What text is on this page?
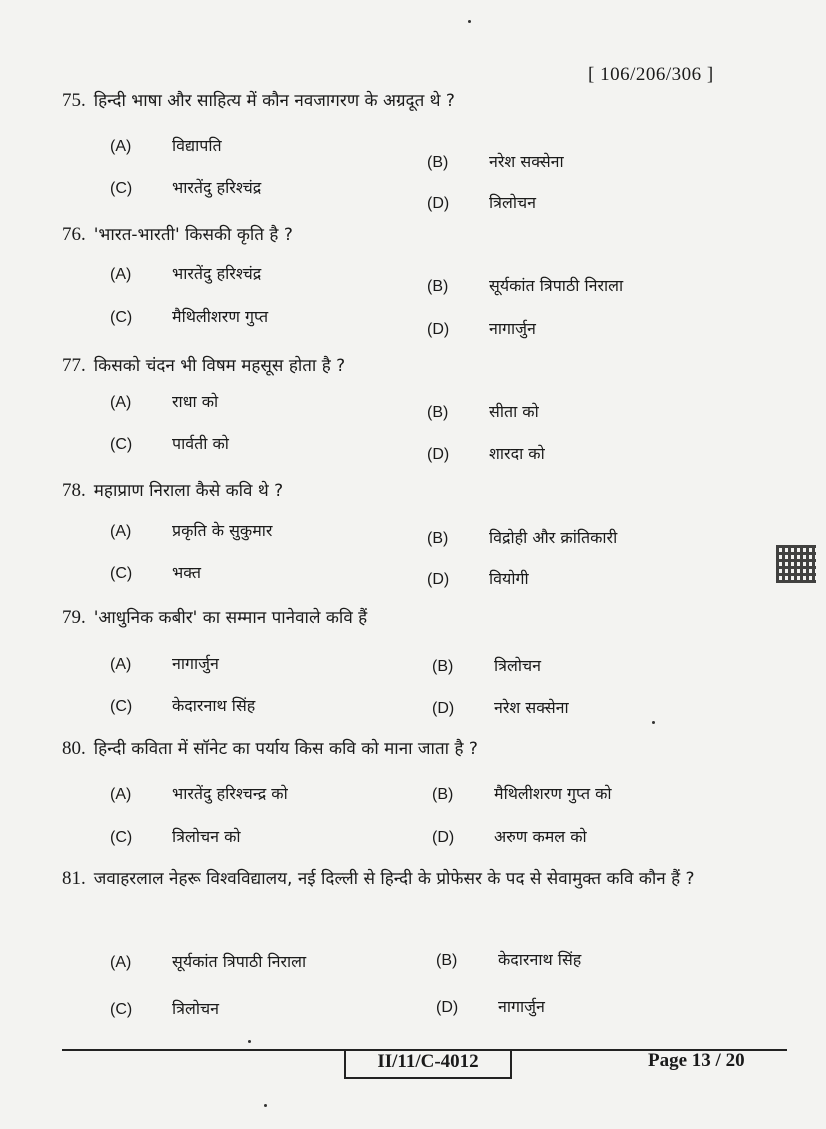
[ 106/206/306 ]
75. हिन्दी भाषा और साहित्य में कौन नवजागरण के अग्रदूत थे ?
(A)	विद्यापति
(B)	नरेश सक्सेना
(C) भारतेंदु हरिश्चंद्र
(D) त्रिलोचन
76. 'भारत-भारती' किसकी कृति है ?
(A)	भारतेंदु हरिश्चंद्र
(B)	सूर्यकांत त्रिपाठी निराला
(C) मैथिलीशरण गुप्त
(D) नागार्जुन
77. किसको चंदन भी विषम महसूस होता है ?
(A)	राधा को
(B)	सीता को
(C) पार्वती को
(D) शारदा को
78. महाप्राण निराला कैसे कवि थे ?
(A)	प्रकृति के सुकुमार	(B)	विद्रोही और क्रांतिकारी
(C) भक्त	(D) वियोगी
79. 'आधुनिक कबीर' का सम्मान पानेवाले कवि हैं
(A)	नागार्जुन	(B)	त्रिलोचन
(C) केदारनाथ सिंह	(D) नरेश सक्सेना
80. हिन्दी कविता में सॉनेट का पर्याय किस कवि को माना जाता है ?
(A)	भारतेंदु हरिश्चन्द्र को	(B)	मैथिलीशरण गुप्त को
(C) त्रिलोचन को	(D) अरुण कमल को
81. जवाहरलाल नेहरू विश्वविद्यालय, नई दिल्ली से हिन्दी के प्रोफेसर के पद से सेवामुक्त कवि कौन हैं ?
(A)	सूर्यकांत त्रिपाठी निराला	(B)	केदारनाथ सिंह
(C) त्रिलोचन	(D) नागार्जुन
II/11/C-4012	Page 13 / 20
